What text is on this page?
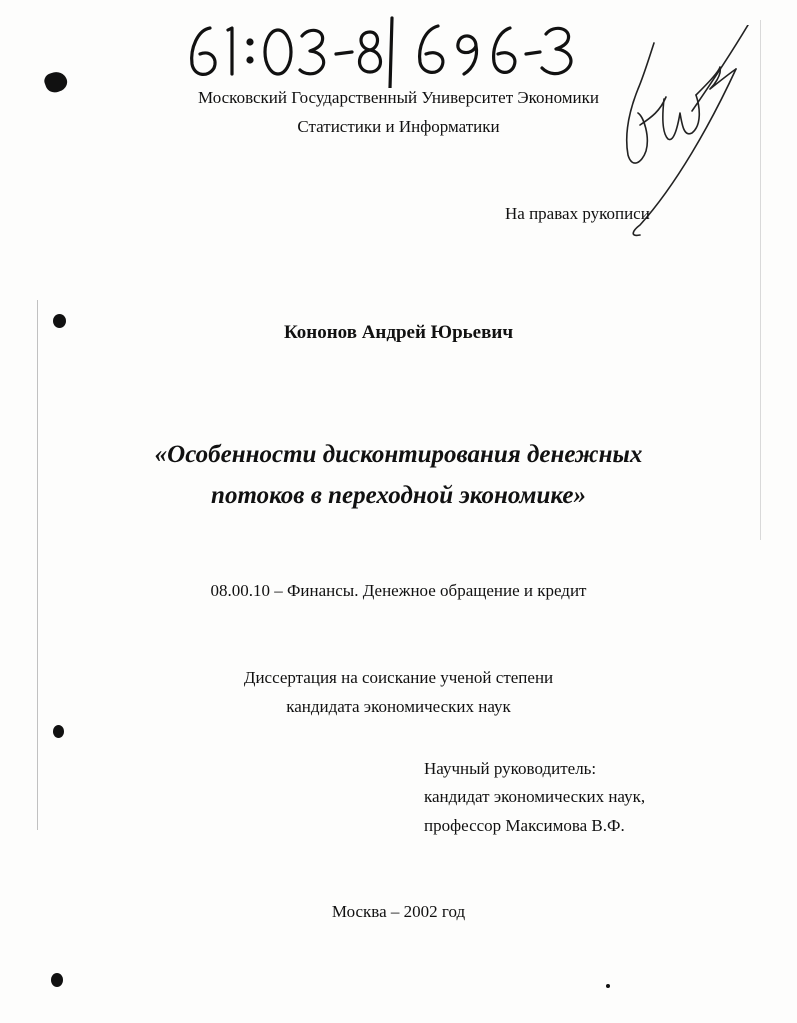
Московский Государственный Университет Экономики
Статистики и Информатики
На правах рукописи
Кононов Андрей Юрьевич
«Особенности дисконтирования денежных
потоков в переходной экономике»
08.00.10 – Финансы. Денежное обращение и кредит
Диссертация на соискание ученой степени
кандидата экономических наук
Научный руководитель:
кандидат экономических наук,
профессор Максимова В.Ф.
Москва – 2002 год
